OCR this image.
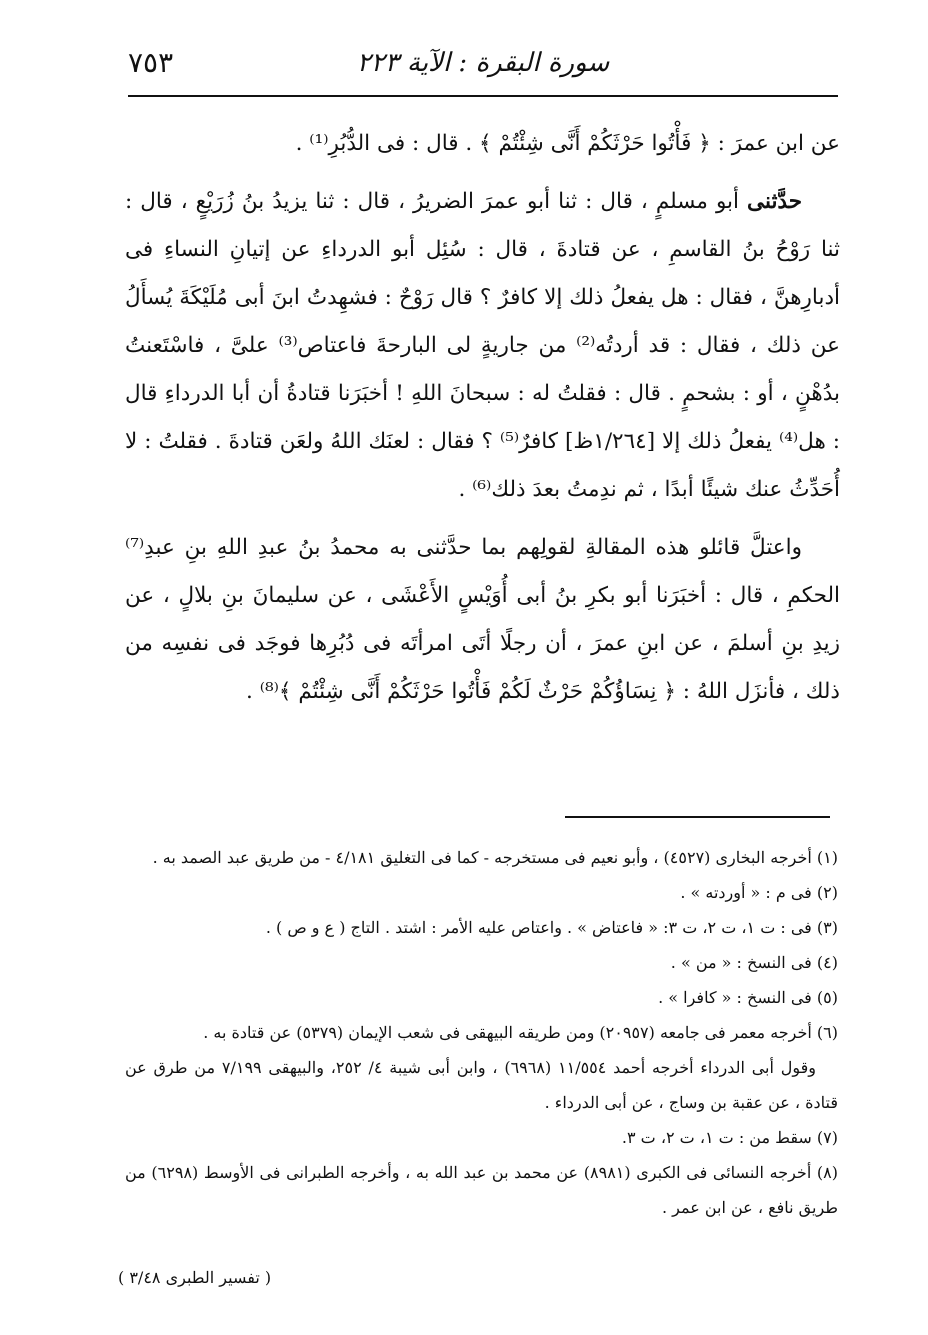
سورة البقرة : الآية ٢٢٣
٧٥٣

عن ابن عمرَ : ﴿ فَأْتُوا حَرْثَكُمْ أَنَّى شِئْتُمْ ﴾ . قال : فى الدُّبُرِ⁽¹⁾ .

حدَّثنى أبو مسلمٍ ، قال : ثنا أبو عمرَ الضريرُ ، قال : ثنا يزيدُ بنُ زُرَيْعٍ ، قال : ثنا رَوْحُ بنُ القاسمِ ، عن قتادةَ ، قال : سُئِل أبو الدرداءِ عن إتيانِ النساءِ فى أدبارِهنَّ ، فقال : هل يفعلُ ذلك إلا كافرٌ ؟ قال رَوْحٌ : فشهِدتُ ابنَ أبى مُلَيْكَةَ يُسأَلُ عن ذلك ، فقال : قد أردتُه⁽²⁾ من جاريةٍ لى البارحةَ فاعتاص⁽³⁾ علىَّ ، فاسْتَعنتُ بدُهْنٍ ، أو : بشحمٍ . قال : فقلتُ له : سبحانَ اللهِ ! أخبَرَنا قتادةُ أن أبا الدرداءِ قال : هل⁽⁴⁾ يفعلُ ذلك إلا [١/٢٦٤ظ] كافرٌ⁽⁵⁾ ؟ فقال : لعنَك اللهُ ولعَن قتادةَ . فقلتُ : لا أُحَدِّثُ عنك شيئًا أبدًا ، ثم ندِمتُ بعدَ ذلك⁽⁶⁾ .

واعتلَّ قائلو هذه المقالةِ لقولِهم بما حدَّثنى به محمدُ بنُ عبدِ اللهِ بنِ عبدِ⁽⁷⁾ الحكمِ ، قال : أخبَرَنا أبو بكرِ بنُ أبى أُوَيْسٍ الأَعْشَى ، عن سليمانَ بنِ بلالٍ ، عن زيدِ بنِ أسلمَ ، عن ابنِ عمرَ ، أن رجلًا أتَى امرأتَه فى دُبُرِها فوجَد فى نفسِه من ذلك ، فأنزَل اللهُ : ﴿ نِسَاؤُكُمْ حَرْثٌ لَكُمْ فَأْتُوا حَرْثَكُمْ أَنَّى شِئْتُمْ ﴾⁽⁸⁾ .

(١) أخرجه البخارى (٤٥٢٧) ، وأبو نعيم فى مستخرجه - كما فى التغليق ٤/١٨١ - من طريق عبد الصمد به .

(٢) فى م : « أوردته » .

(٣) فى : ت ١، ت ٢، ت ٣: « فاعتاض » . واعتاص عليه الأمر : اشتد . التاج ( ع و ص ) .

(٤) فى النسخ : « من » .

(٥) فى النسخ : « كافرا » .

(٦) أخرجه معمر فى جامعه (٢٠٩٥٧) ومن طريقه البيهقى فى شعب الإيمان (٥٣٧٩) عن قتادة به .

وقول أبى الدرداء أخرجه أحمد ١١/٥٥٤ (٦٩٦٨) ، وابن أبى شيبة ٤/ ٢٥٢، والبيهقى ٧/١٩٩ من طرق عن قتادة ، عن عقبة بن وساج ، عن أبى الدرداء .

(٧) سقط من : ت ١، ت ٢، ت ٣.

(٨) أخرجه النسائى فى الكبرى (٨٩٨١) عن محمد بن عبد الله به ، وأخرجه الطبرانى فى الأوسط (٦٢٩٨) من طريق نافع ، عن ابن عمر .

( تفسير الطبرى ٣/٤٨ )
